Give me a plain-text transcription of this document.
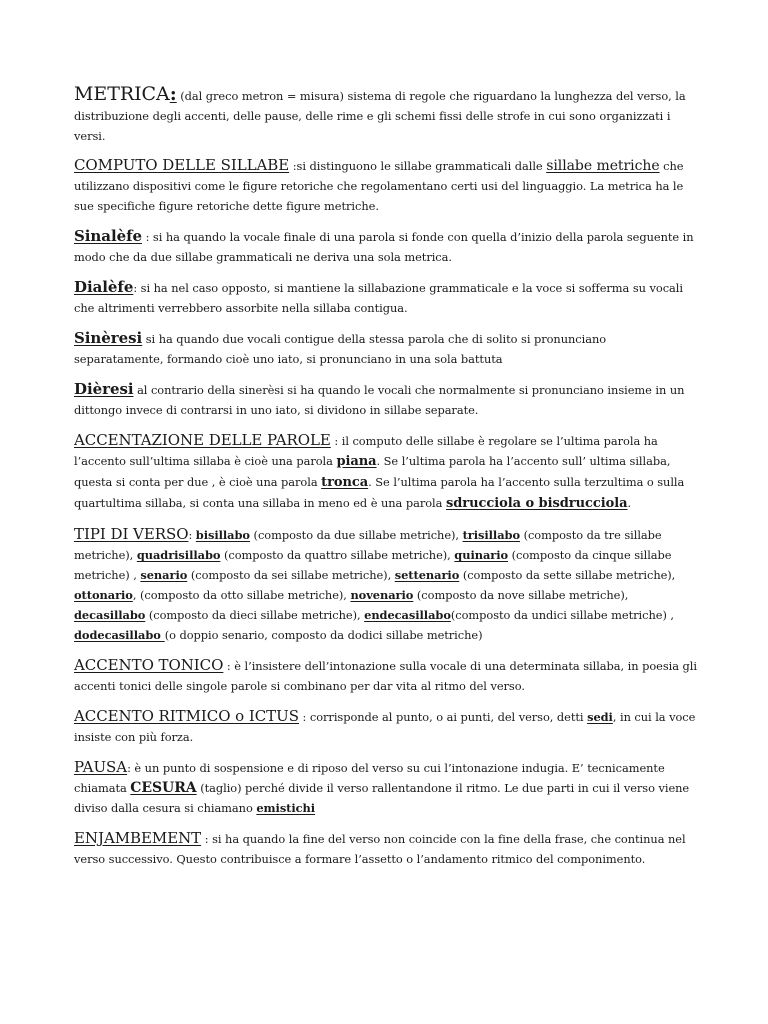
METRICA: (dal greco metron = misura) sistema di regole che riguardano la lunghezza del verso, la distribuzione degli accenti, delle pause, delle rime e gli schemi fissi delle strofe in cui sono organizzati i versi.

COMPUTO DELLE SILLABE :si distinguono le sillabe grammaticali dalle sillabe metriche che utilizzano dispositivi come le figure retoriche che regolamentano certi usi del linguaggio. La metrica ha le sue specifiche figure retoriche dette figure metriche.

Sinalèfe : si ha quando la vocale finale di una parola si fonde con quella d’inizio della parola seguente in modo che da due sillabe grammaticali ne deriva una sola metrica.

Dialèfe: si ha nel caso opposto, si mantiene la sillabazione grammaticale e la voce si sofferma su vocali che altrimenti verrebbero assorbite nella sillaba contigua.

Sinèresi si ha quando due vocali contigue della stessa parola che di solito si pronunciano separatamente, formando cioè uno iato, si pronunciano in una sola battuta

Dièresi al contrario della sinerèsi si ha quando le vocali che normalmente si pronunciano insieme in un dittongo invece di contrarsi in uno iato, si dividono in sillabe separate.

ACCENTAZIONE DELLE PAROLE : il computo delle sillabe è regolare se l’ultima parola ha l’accento sull’ultima sillaba è cioè una parola piana. Se l’ultima parola ha l’accento sull’ ultima sillaba, questa si conta per due , è cioè una parola tronca. Se l’ultima parola ha l’accento sulla terzultima o sulla quartultima sillaba, si conta una sillaba in meno ed è una parola sdrucciola o bisdrucciola.

TIPI DI VERSO: bisillabo (composto da due sillabe metriche), trisillabo (composto da tre sillabe metriche), quadrisillabo (composto da quattro sillabe metriche), quinario (composto da cinque sillabe metriche) , senario (composto da sei sillabe metriche), settenario (composto da sette sillabe metriche), ottonario, (composto da otto sillabe metriche), novenario (composto da nove sillabe metriche), decasillabo (composto da dieci sillabe metriche), endecasillabo(composto da undici sillabe metriche) , dodecasillabo (o doppio senario, composto da dodici sillabe metriche)

ACCENTO TONICO : è l’insistere dell’intonazione sulla vocale di una determinata sillaba, in poesia gli accenti tonici delle singole parole si combinano per dar vita al ritmo del verso.

ACCENTO RITMICO o ICTUS : corrisponde al punto, o ai punti, del verso, detti sedi, in cui la voce insiste con più forza.

PAUSA: è un punto di sospensione e di riposo del verso su cui l’intonazione indugia. E’ tecnicamente chiamata CESURA (taglio) perché divide il verso rallentandone il ritmo. Le due parti in cui il verso viene diviso dalla cesura si chiamano emistichi

ENJAMBEMENT : si ha quando la fine del verso non coincide con la fine della frase, che continua nel verso successivo. Questo contribuisce a formare l’assetto o l’andamento ritmico del componimento.
